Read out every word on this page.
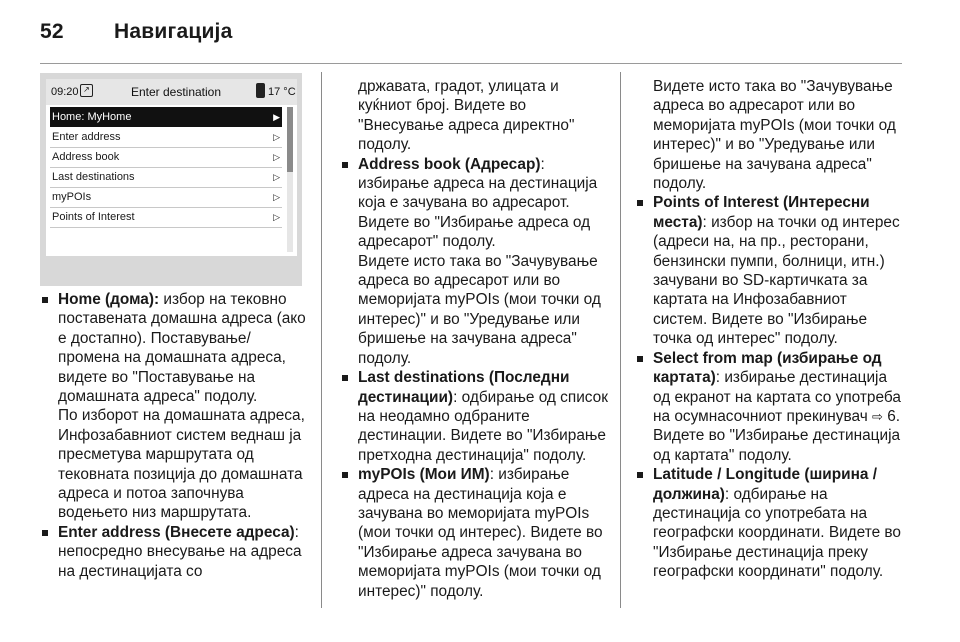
52 Навигација
09:20 ↗	Enter destination	17 °C
Home: MyHome	▶
Enter address	▷
Address book	▷
Last destinations	▷
myPOIs	▷
Points of Interest	▷

Home (дома): избор на тековно поставената домашна адреса (ако е достапно). Поставување/промена на домашната адреса, видете во "Поставување на домашната адреса" подолу.

По изборот на домашната адреса, Инфозабавниот систем веднаш ја пресметува маршрутата од тековната позиција до домашната адреса и потоа започнува водењето низ маршрутата.

Enter address (Внесете адреса): непосредно внесување на адреса на дестинацијата со

државата, градот, улицата и куќниот број. Видете во "Внесување адреса директно" подолу.

Address book (Адресар): избирање адреса на дестинација која е зачувана во адресарот. Видете во "Избирање адреса од адресарот" подолу.

Видете исто така во "Зачувување адреса во адресарот или во меморијата myPOIs (мои точки од интерес)" и во "Уредување или бришење на зачувана адреса" подолу.

Last destinations (Последни дестинации): одбирање од список на неодамно одбраните дестинации. Видете во "Избирање претходна дестинација" подолу.

myPOIs (Мои ИМ): избирање адреса на дестинација која е зачувана во меморијата myPOIs (мои точки од интерес). Видете во "Избирање адреса зачувана во меморијата myPOIs (мои точки од интерес)" подолу.

Видете исто така во "Зачувување адреса во адресарот или во меморијата myPOIs (мои точки од интерес)" и во "Уредување или бришење на зачувана адреса" подолу.

Points of Interest (Интересни места): избор на точки од интерес (адреси на, на пр., ресторани, бензински пумпи, болници, итн.) зачувани во SD-картичката за картата на Инфозабавниот систем. Видете во "Избирање точка од интерес" подолу.

Select from map (избирање од картата): избирање дестинација од екранот на картата со употреба на осумнасочниот прекинувач ⇨ 6. Видете во "Избирање дестинација од картата" подолу.

Latitude / Longitude (ширина / должина): одбирање на дестинација со употребата на географски координати. Видете во "Избирање дестинација преку географски координати" подолу.
